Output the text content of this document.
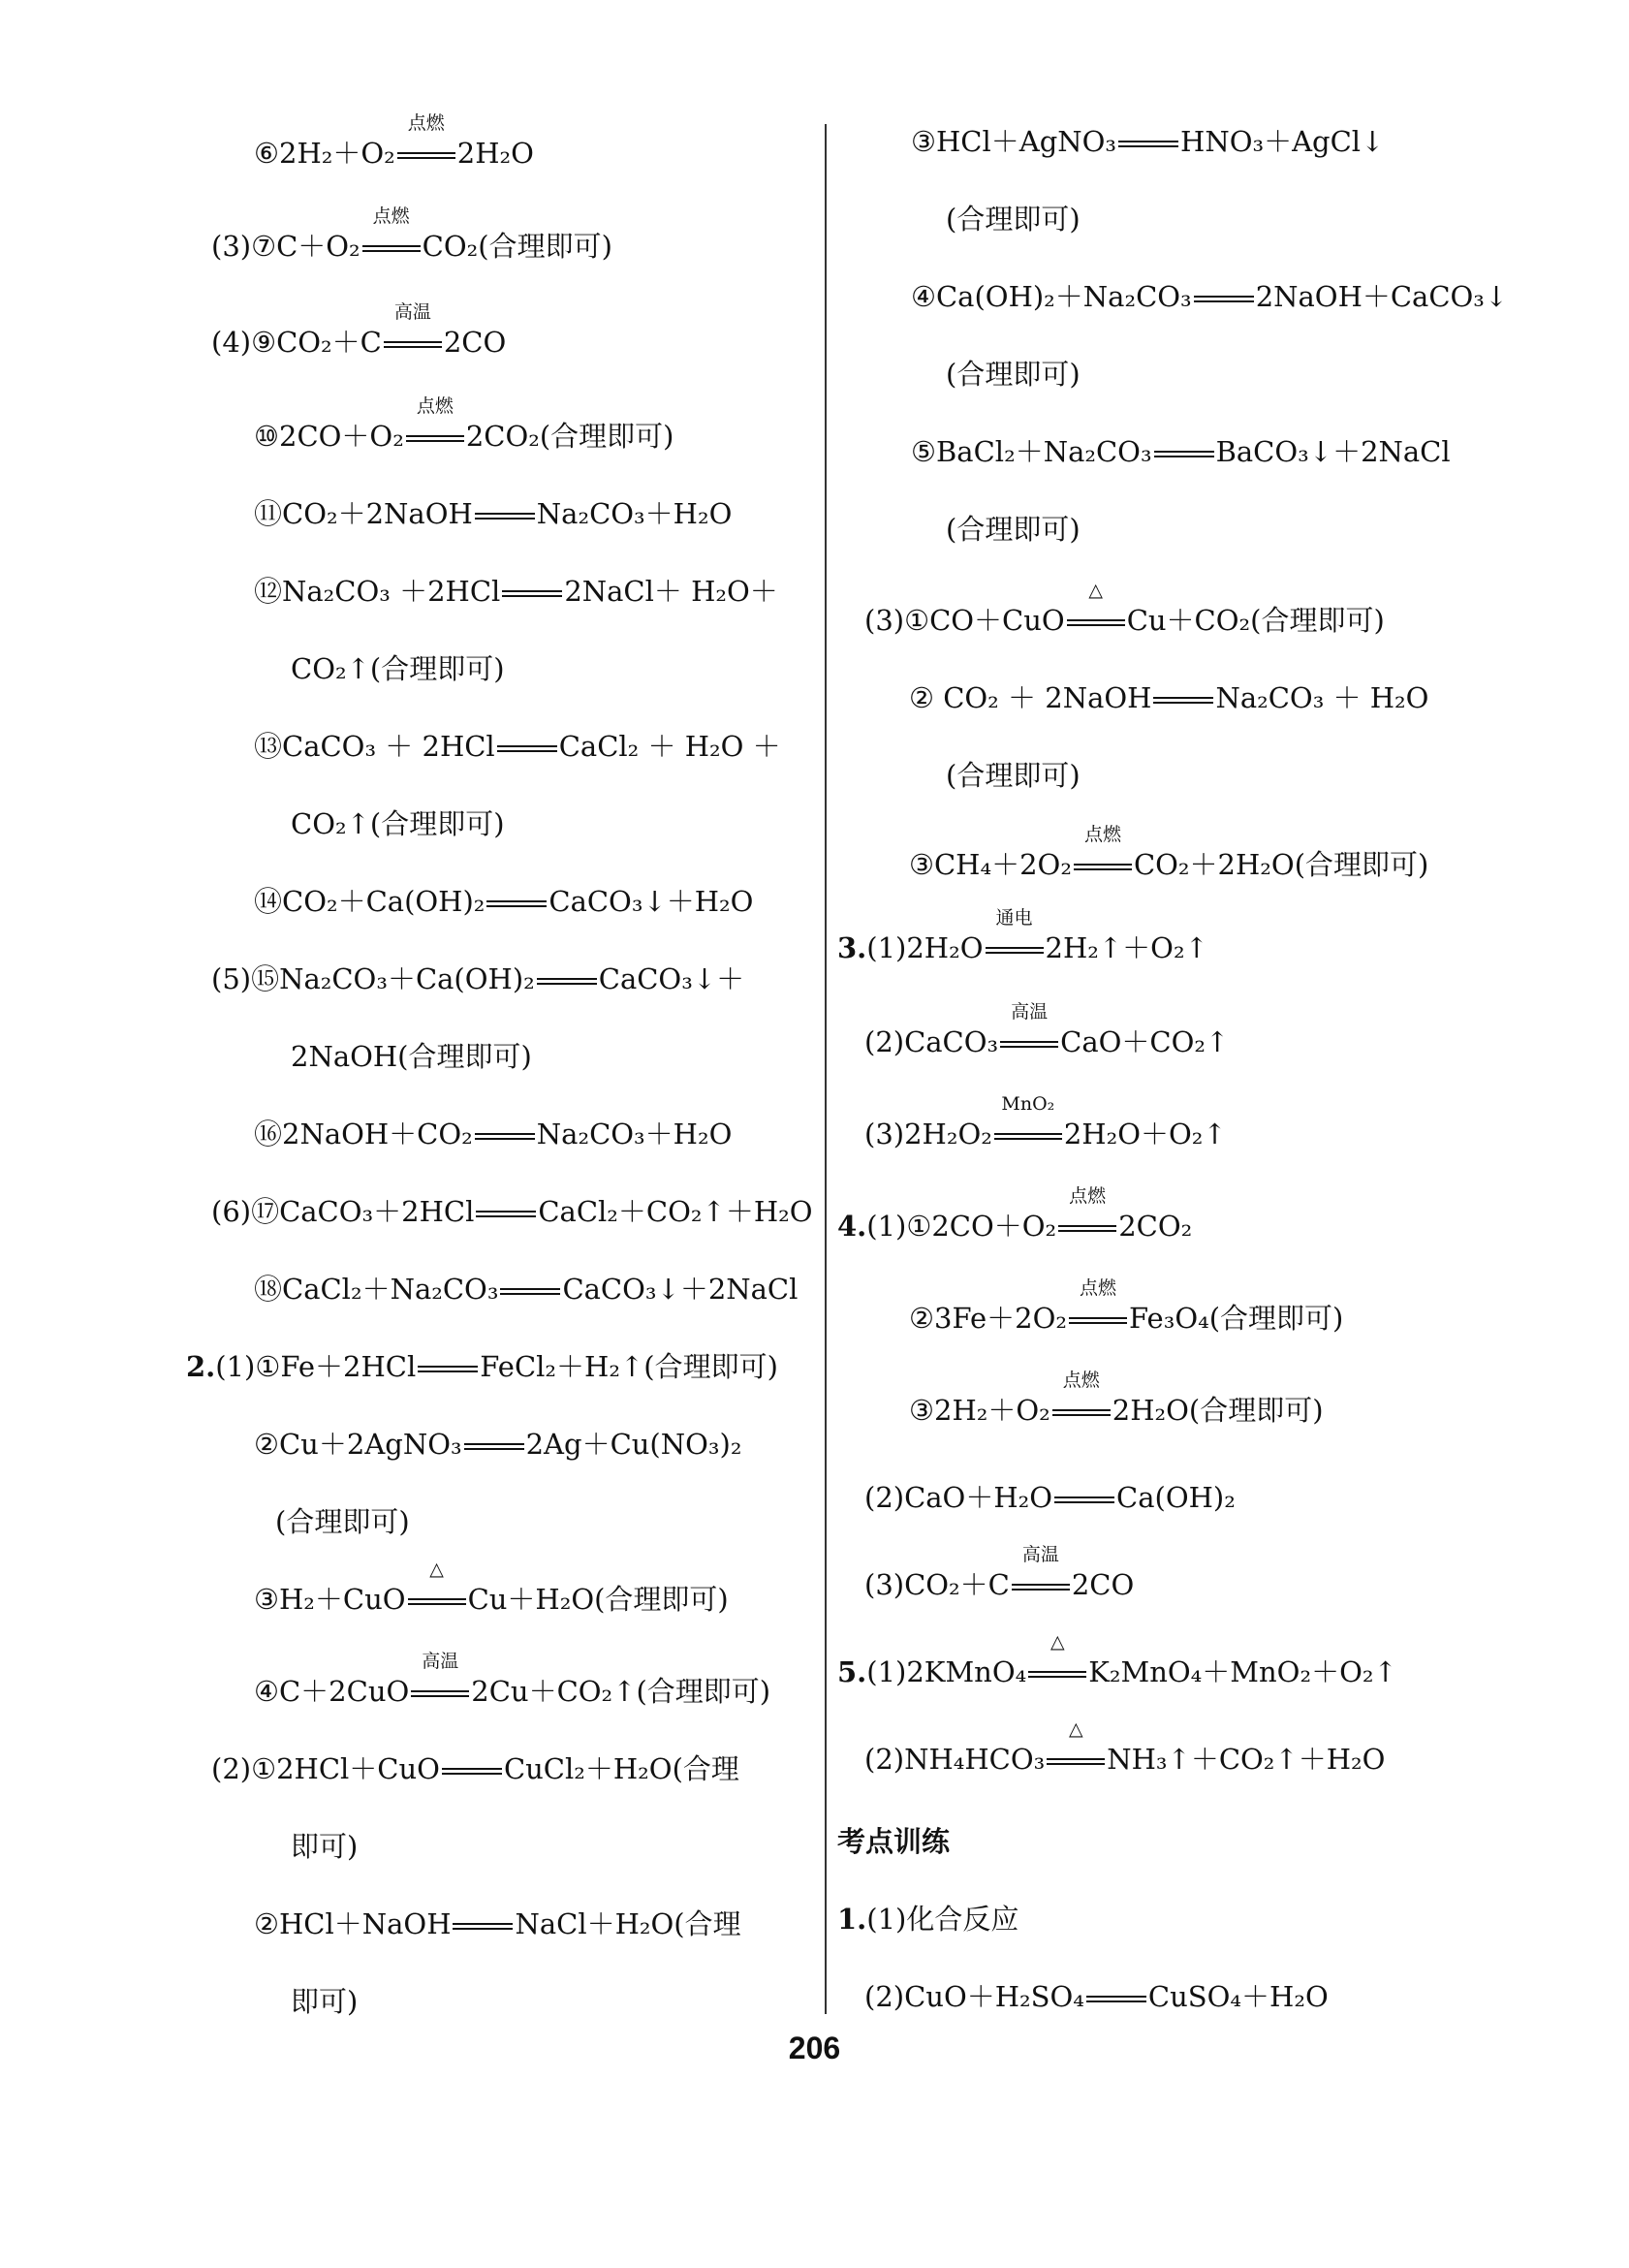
⑥2H₂＋O₂
点燃
2H₂O
(3)⑦C＋O₂
点燃
CO₂(合理即可)
(4)⑨CO₂＋C
高温
2CO
⑩2CO＋O₂
点燃
2CO₂(合理即可)
⑪CO₂＋2NaOH Na₂CO₃＋H₂O
⑫Na₂CO₃ ＋2HCl 2NaCl＋ H₂O＋
CO₂↑(合理即可)
⑬CaCO₃ ＋ 2HCl CaCl₂ ＋ H₂O ＋
CO₂↑(合理即可)
⑭CO₂＋Ca(OH)₂ CaCO₃↓＋H₂O
(5)⑮Na₂CO₃＋Ca(OH)₂ CaCO₃↓＋
2NaOH(合理即可)
⑯2NaOH＋CO₂ Na₂CO₃＋H₂O
(6)⑰CaCO₃＋2HCl CaCl₂＋CO₂↑＋H₂O
⑱CaCl₂＋Na₂CO₃ CaCO₃↓＋2NaCl
2.(1)①Fe＋2HCl FeCl₂＋H₂↑(合理即可)
②Cu＋2AgNO₃ 2Ag＋Cu(NO₃)₂
(合理即可)
③H₂＋CuO
△
Cu＋H₂O(合理即可)
④C＋2CuO
高温
2Cu＋CO₂↑(合理即可)
(2)①2HCl＋CuO CuCl₂＋H₂O(合理
即可)
②HCl＋NaOH NaCl＋H₂O(合理
即可)
③HCl＋AgNO₃ HNO₃＋AgCl↓
(合理即可)
④Ca(OH)₂＋Na₂CO₃ 2NaOH＋CaCO₃↓
(合理即可)
⑤BaCl₂＋Na₂CO₃ BaCO₃↓＋2NaCl
(合理即可)
(3)①CO＋CuO
△
Cu＋CO₂(合理即可)
② CO₂ ＋ 2NaOH Na₂CO₃ ＋ H₂O
(合理即可)
③CH₄＋2O₂
点燃
CO₂＋2H₂O(合理即可)
3.(1)2H₂O
通电
2H₂↑＋O₂↑
(2)CaCO₃
高温
CaO＋CO₂↑
(3)2H₂O₂
MnO₂
2H₂O＋O₂↑
4.(1)①2CO＋O₂
点燃
2CO₂
②3Fe＋2O₂
点燃
Fe₃O₄(合理即可)
③2H₂＋O₂
点燃
2H₂O(合理即可)
(2)CaO＋H₂O Ca(OH)₂
(3)CO₂＋C
高温
2CO
5.(1)2KMnO₄
△
K₂MnO₄＋MnO₂＋O₂↑
(2)NH₄HCO₃
△
NH₃↑＋CO₂↑＋H₂O
考点训练
1.(1)化合反应
(2)CuO＋H₂SO₄ CuSO₄＋H₂O
206
